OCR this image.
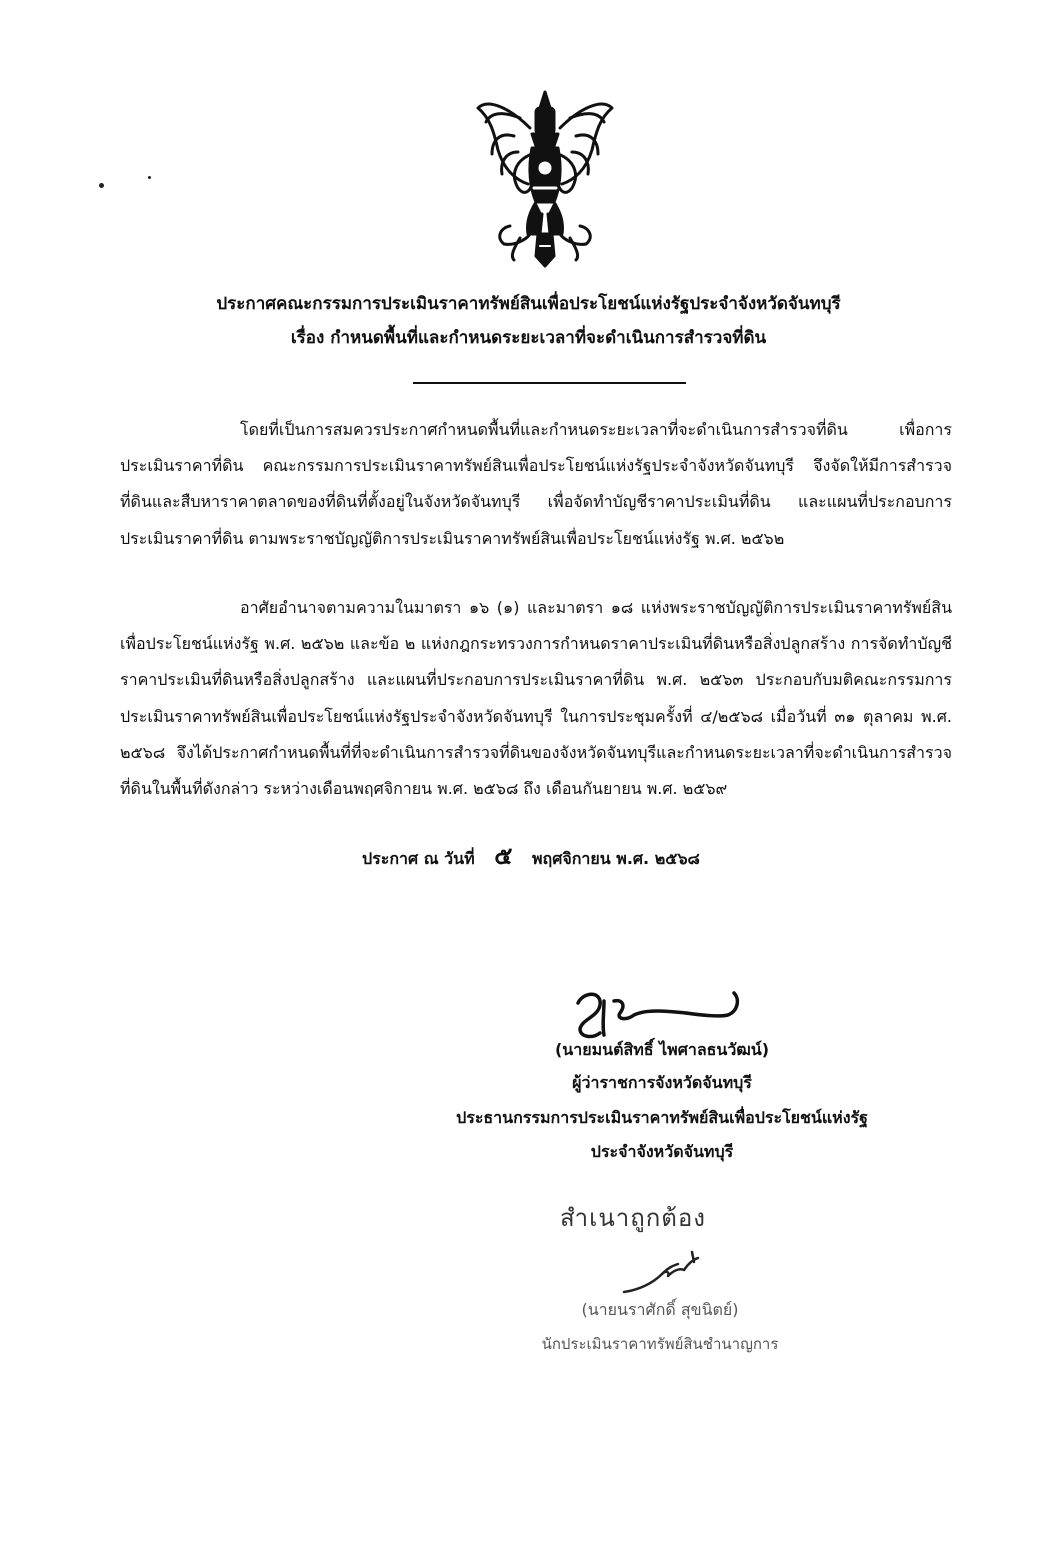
ประกาศคณะกรรมการประเมินราคาทรัพย์สินเพื่อประโยชน์แห่งรัฐประจำจังหวัดจันทบุรี
เรื่อง กำหนดพื้นที่และกำหนดระยะเวลาที่จะดำเนินการสำรวจที่ดิน

โดยที่เป็นการสมควรประกาศกำหนดพื้นที่และกำหนดระยะเวลาที่จะดำเนินการสำรวจที่ดิน เพื่อการประเมินราคาที่ดิน คณะกรรมการประเมินราคาทรัพย์สินเพื่อประโยชน์แห่งรัฐประจำจังหวัดจันทบุรี จึงจัดให้มีการสำรวจที่ดินและสืบหาราคาตลาดของที่ดินที่ตั้งอยู่ในจังหวัดจันทบุรี เพื่อจัดทำบัญชีราคาประเมินที่ดิน และแผนที่ประกอบการประเมินราคาที่ดิน ตามพระราชบัญญัติการประเมินราคาทรัพย์สินเพื่อประโยชน์แห่งรัฐ พ.ศ. ๒๕๖๒

อาศัยอำนาจตามความในมาตรา ๑๖ (๑) และมาตรา ๑๘ แห่งพระราชบัญญัติการประเมินราคาทรัพย์สินเพื่อประโยชน์แห่งรัฐ พ.ศ. ๒๕๖๒ และข้อ ๒ แห่งกฎกระทรวงการกำหนดราคาประเมินที่ดินหรือสิ่งปลูกสร้าง การจัดทำบัญชีราคาประเมินที่ดินหรือสิ่งปลูกสร้าง และแผนที่ประกอบการประเมินราคาที่ดิน พ.ศ. ๒๕๖๓ ประกอบกับมติคณะกรรมการประเมินราคาทรัพย์สินเพื่อประโยชน์แห่งรัฐประจำจังหวัดจันทบุรี ในการประชุมครั้งที่ ๔/๒๕๖๘ เมื่อวันที่ ๓๑ ตุลาคม พ.ศ. ๒๕๖๘ จึงได้ประกาศกำหนดพื้นที่ที่จะดำเนินการสำรวจที่ดินของจังหวัดจันทบุรีและกำหนดระยะเวลาที่จะดำเนินการสำรวจที่ดินในพื้นที่ดังกล่าว ระหว่างเดือนพฤศจิกายน พ.ศ. ๒๕๖๘ ถึง เดือนกันยายน พ.ศ. ๒๕๖๙

ประกาศ ณ วันที่ ๕ พฤศจิกายน พ.ศ. ๒๕๖๘
(นายมนต์สิทธิ์ ไพศาลธนวัฒน์)
ผู้ว่าราชการจังหวัดจันทบุรี
ประธานกรรมการประเมินราคาทรัพย์สินเพื่อประโยชน์แห่งรัฐ
ประจำจังหวัดจันทบุรี
สำเนาถูกต้อง
(นายนราศักดิ์ สุขนิตย์)
นักประเมินราคาทรัพย์สินชำนาญการ
